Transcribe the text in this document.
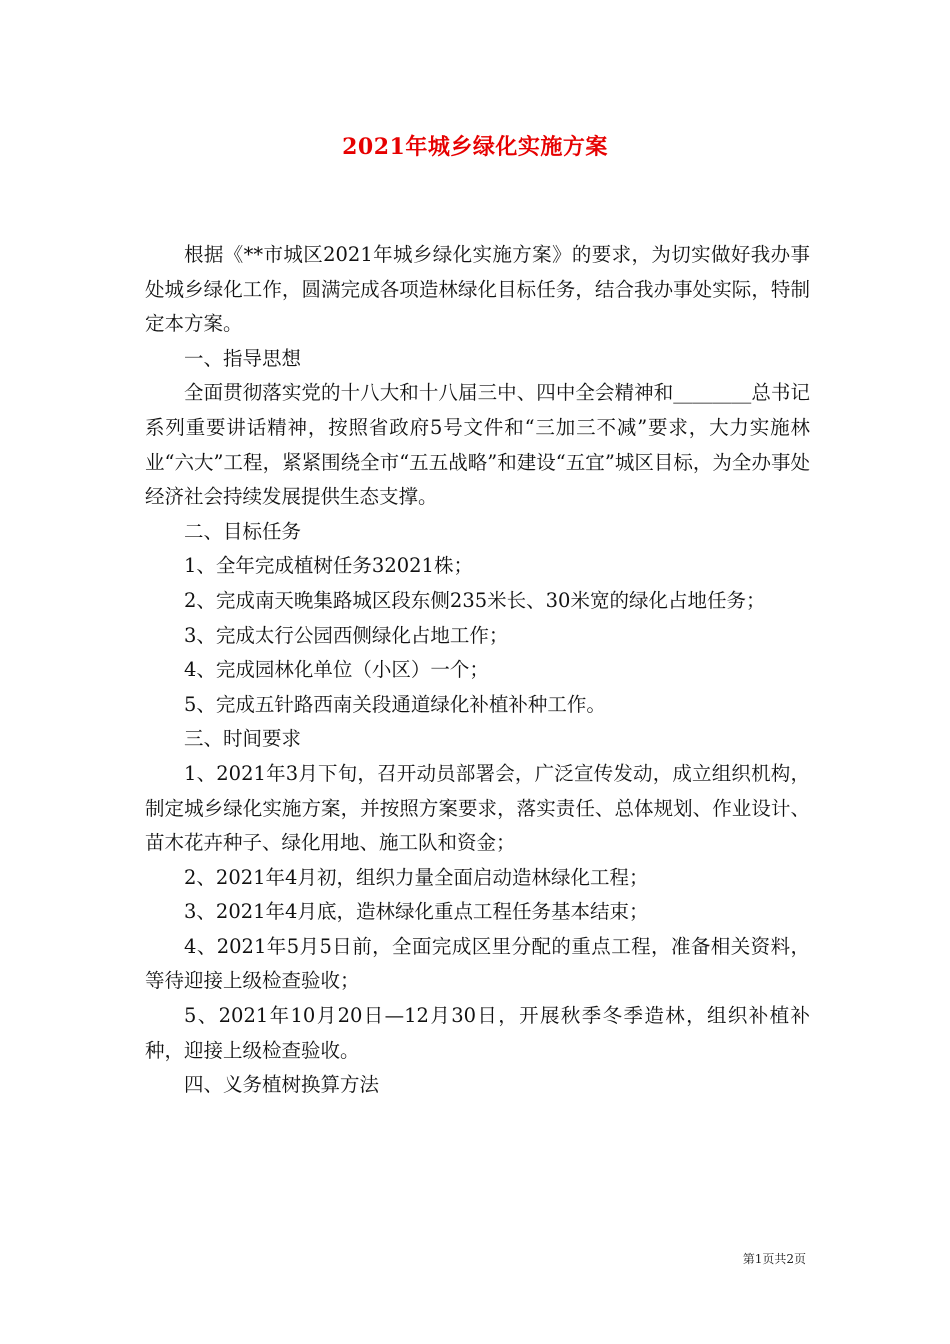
2021年城乡绿化实施方案

根据《**市城区2021年城乡绿化实施方案》的要求，为切实做好我办事处城乡绿化工作，圆满完成各项造林绿化目标任务，结合我办事处实际，特制定本方案。

一、指导思想

全面贯彻落实党的十八大和十八届三中、四中全会精神和________总书记系列重要讲话精神，按照省政府5号文件和“三加三不减”要求，大力实施林业“六大”工程，紧紧围绕全市“五五战略”和建设“五宜”城区目标，为全办事处经济社会持续发展提供生态支撑。

二、目标任务

1、全年完成植树任务32021株；

2、完成南天晚集路城区段东侧235米长、30米宽的绿化占地任务；

3、完成太行公园西侧绿化占地工作；

4、完成园林化单位（小区）一个；

5、完成五针路西南关段通道绿化补植补种工作。

三、时间要求

1、2021年3月下旬，召开动员部署会，广泛宣传发动，成立组织机构，制定城乡绿化实施方案，并按照方案要求，落实责任、总体规划、作业设计、苗木花卉种子、绿化用地、施工队和资金；

2、2021年4月初，组织力量全面启动造林绿化工程；

3、2021年4月底，造林绿化重点工程任务基本结束；

4、2021年5月5日前，全面完成区里分配的重点工程，准备相关资料，等待迎接上级检查验收；

5、2021年10月20日—12月30日，开展秋季冬季造林，组织补植补种，迎接上级检查验收。

四、义务植树换算方法

第1页共2页
